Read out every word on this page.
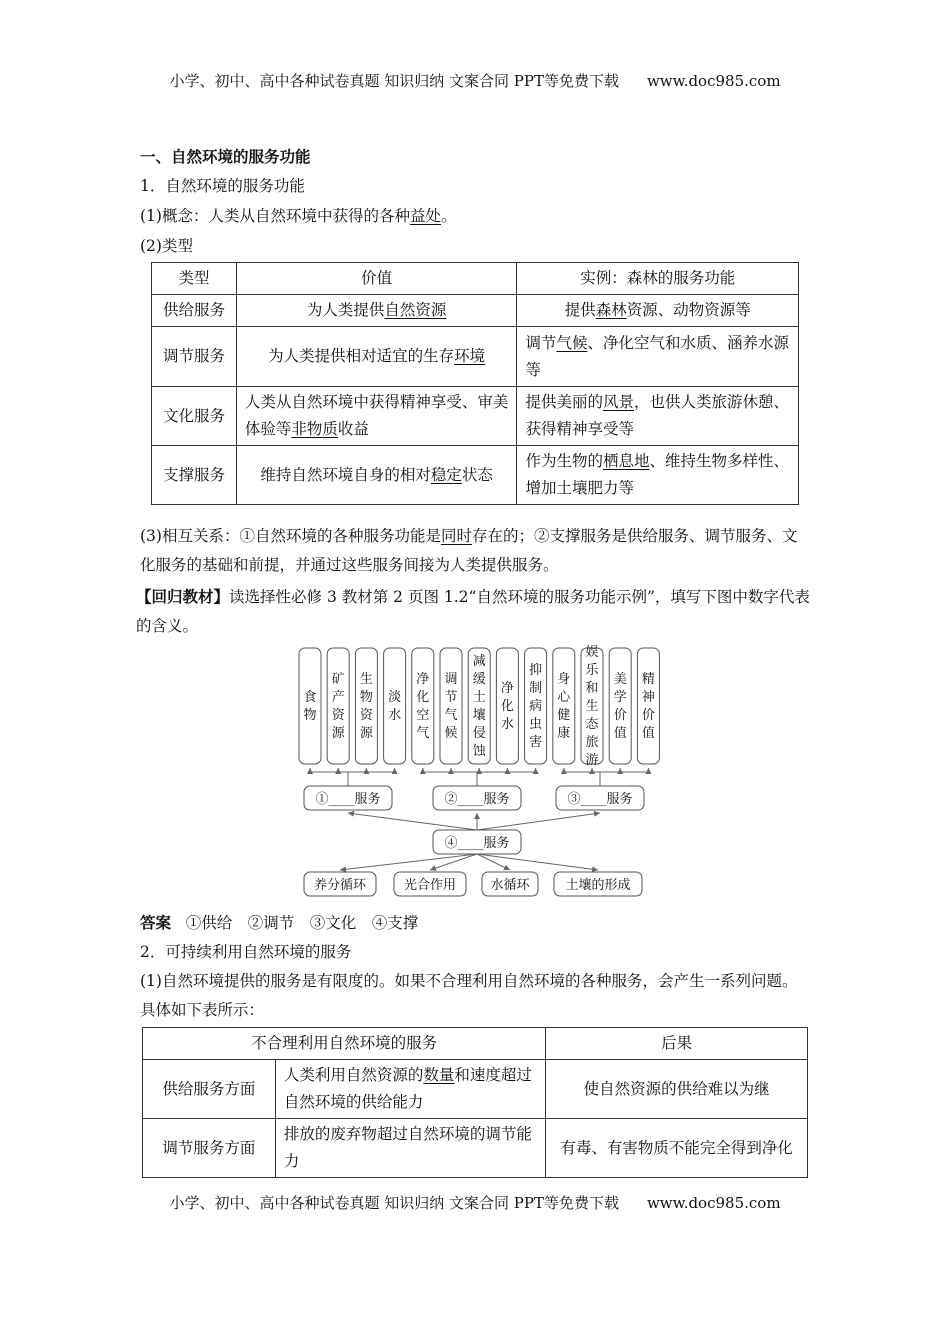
小学、初中、高中各种试卷真题 知识归纳 文案合同 PPT等免费下载 www.doc985.com
一、自然环境的服务功能
1．自然环境的服务功能
(1)概念：人类从自然环境中获得的各种益处。
(2)类型
类型	价值	实例：森林的服务功能
供给服务	为人类提供自然资源	提供森林资源、动物资源等
调节服务	为人类提供相对适宜的生存环境	调节气候、净化空气和水质、涵养水源等
文化服务	人类从自然环境中获得精神享受、审美体验等非物质收益	提供美丽的风景，也供人类旅游休憩、获得精神享受等
支撑服务	维持自然环境自身的相对稳定状态	作为生物的栖息地、维持生物多样性、增加土壤肥力等
(3)相互关系：①自然环境的各种服务功能是同时存在的；②支撑服务是供给服务、调节服务、文化服务的基础和前提，并通过这些服务间接为人类提供服务。
【回归教材】读选择性必修 3 教材第 2 页图 1.2“自然环境的服务功能示例”，填写下图中数字代表的含义。
食物
矿产资源
生物资源
淡水
净化空气
调节气候
减缓土壤侵蚀
净化水
抑制病虫害
身心健康
娱乐和生态旅游
美学价值
精神价值
①____服务	②____服务	③____服务
④____服务
养分循环	光合作用	水循环	土壤的形成
答案 ①供给　②调节　③文化　④支撑
2．可持续利用自然环境的服务
(1)自然环境提供的服务是有限度的。如果不合理利用自然环境的各种服务，会产生一系列问题。具体如下表所示：
不合理利用自然环境的服务		后果
供给服务方面	人类利用自然资源的数量和速度超过自然环境的供给能力	使自然资源的供给难以为继
调节服务方面	排放的废弃物超过自然环境的调节能力	有毒、有害物质不能完全得到净化
小学、初中、高中各种试卷真题 知识归纳 文案合同 PPT等免费下载 www.doc985.com
